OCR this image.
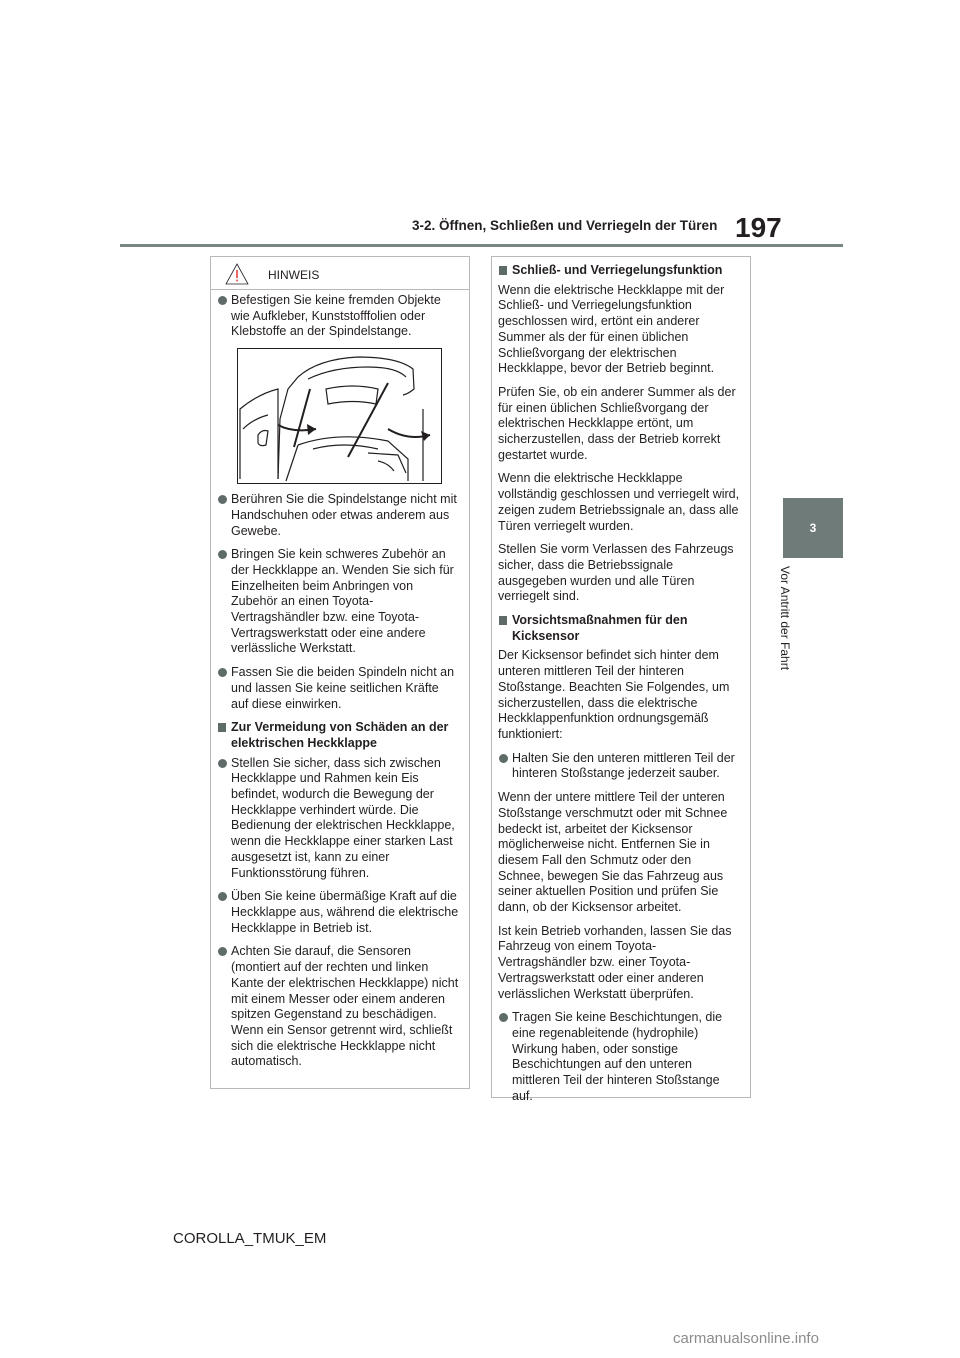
197
3-2. Öffnen, Schließen und Verriegeln der Türen
3
Vor Antritt der Fahrt
HINWEIS
Befestigen Sie keine fremden Objekte wie Aufkleber, Kunststofffolien oder Klebstoffe an der Spindelstange.
Berühren Sie die Spindelstange nicht mit Handschuhen oder etwas anderem aus Gewebe.
Bringen Sie kein schweres Zubehör an der Heckklappe an. Wenden Sie sich für Einzelheiten beim Anbringen von Zubehör an einen Toyota-Vertragshändler bzw. eine Toyota-Vertragswerkstatt oder eine andere verlässliche Werkstatt.
Fassen Sie die beiden Spindeln nicht an und lassen Sie keine seitlichen Kräfte auf diese einwirken.
Zur Vermeidung von Schäden an der elektrischen Heckklappe
Stellen Sie sicher, dass sich zwischen Heckklappe und Rahmen kein Eis befindet, wodurch die Bewegung der Heckklappe verhindert würde. Die Bedienung der elektrischen Heckklappe, wenn die Heckklappe einer starken Last ausgesetzt ist, kann zu einer Funktionsstörung führen.
Üben Sie keine übermäßige Kraft auf die Heckklappe aus, während die elektrische Heckklappe in Betrieb ist.
Achten Sie darauf, die Sensoren (montiert auf der rechten und linken Kante der elektrischen Heckklappe) nicht mit einem Messer oder einem anderen spitzen Gegenstand zu beschädigen. Wenn ein Sensor getrennt wird, schließt sich die elektrische Heckklappe nicht automatisch.
Schließ- und Verriegelungsfunktion

Wenn die elektrische Heckklappe mit der Schließ- und Verriegelungsfunktion geschlossen wird, ertönt ein anderer Summer als der für einen üblichen Schließvorgang der elektrischen Heckklappe, bevor der Betrieb beginnt.

Prüfen Sie, ob ein anderer Summer als der für einen üblichen Schließvorgang der elektrischen Heckklappe ertönt, um sicherzustellen, dass der Betrieb korrekt gestartet wurde.

Wenn die elektrische Heckklappe vollständig geschlossen und verriegelt wird, zeigen zudem Betriebssignale an, dass alle Türen verriegelt wurden.

Stellen Sie vorm Verlassen des Fahrzeugs sicher, dass die Betriebssignale ausgegeben wurden und alle Türen verriegelt sind.

Vorsichtsmaßnahmen für den Kicksensor

Der Kicksensor befindet sich hinter dem unteren mittleren Teil der hinteren Stoßstange. Beachten Sie Folgendes, um sicherzustellen, dass die elektrische Heckklappenfunktion ordnungsgemäß funktioniert:

Halten Sie den unteren mittleren Teil der hinteren Stoßstange jederzeit sauber.

Wenn der untere mittlere Teil der unteren Stoßstange verschmutzt oder mit Schnee bedeckt ist, arbeitet der Kicksensor möglicherweise nicht. Entfernen Sie in diesem Fall den Schmutz oder den Schnee, bewegen Sie das Fahrzeug aus seiner aktuellen Position und prüfen Sie dann, ob der Kicksensor arbeitet.

Ist kein Betrieb vorhanden, lassen Sie das Fahrzeug von einem Toyota-Vertragshändler bzw. einer Toyota-Vertragswerkstatt oder einer anderen verlässlichen Werkstatt überprüfen.

Tragen Sie keine Beschichtungen, die eine regenableitende (hydrophile) Wirkung haben, oder sonstige Beschichtungen auf den unteren mittleren Teil der hinteren Stoßstange auf.
COROLLA_TMUK_EM
carmanualsonline.info
